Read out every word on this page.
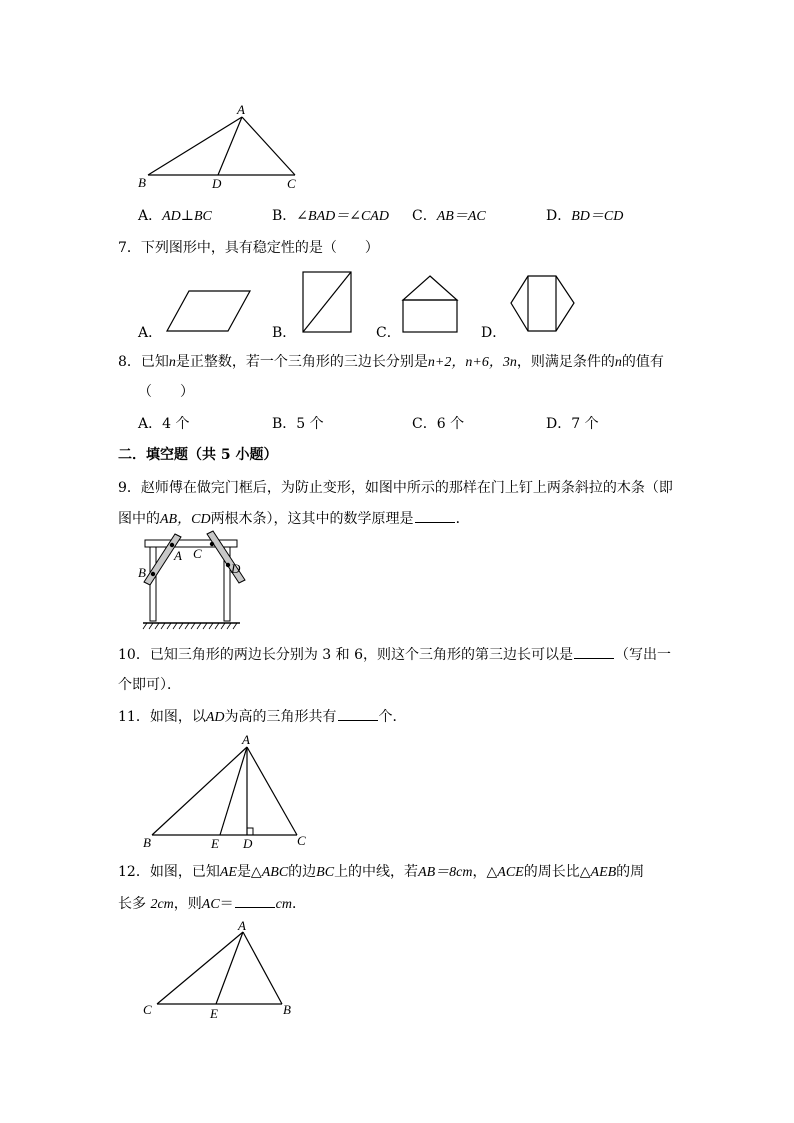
A
B	D	C
A．AD⊥BC	B．∠BAD＝∠CAD C．AB＝AC	D．BD＝CD
7．下列图形中，具有稳定性的是（　　）
A．	B．	C．	D．
8．已知n是正整数，若一个三角形的三边长分别是n+2，n+6，3n，则满足条件的n的值有
（　　）
A．4 个	B．5 个	C．6 个	D．7 个
二．填空题（共 5 小题）
9．赵师傅在做完门框后，为防止变形，如图中所示的那样在门上钉上两条斜拉的木条（即
图中的AB，CD两根木条），这其中的数学原理是	．
A
B
C
D
10．已知三角形的两边长分别为 3 和 6，则这个三角形的第三边长可以是	（写出一
个即可）．
11．如图，以AD为高的三角形共有	个．
A
B	E D	C
12．如图，已知AE是△ABC的边BC上的中线，若AB＝8cm，△ACE的周长比△AEB的周
长多 2cm，则AC＝	cm．
A
C	E	B
